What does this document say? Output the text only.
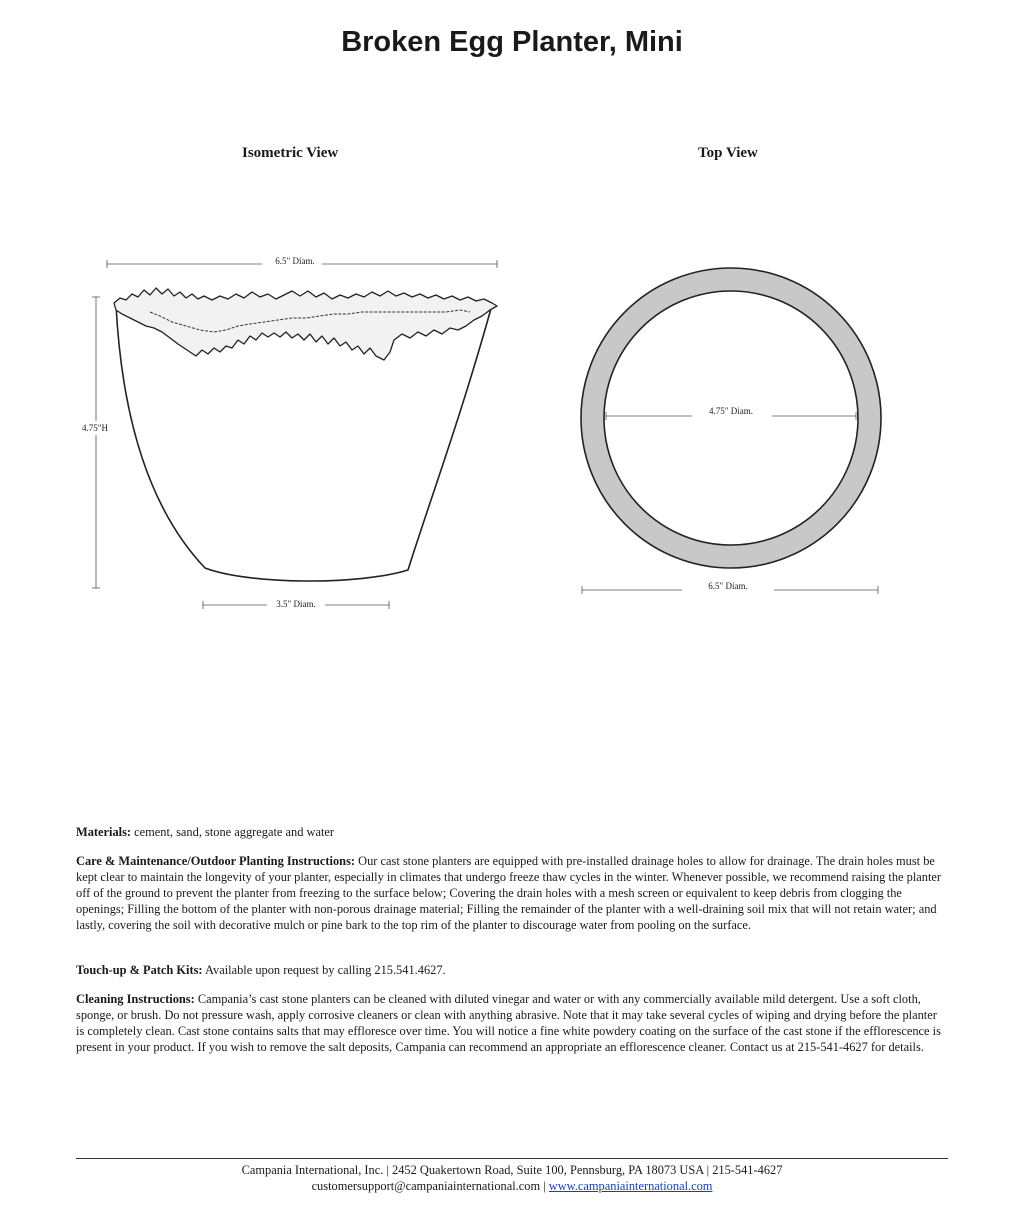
Broken Egg Planter, Mini
Isometric View	Top View
6.5" Diam.
4.75"H
3.5" Diam.
4.75" Diam.
6.5" Diam.
Materials: cement, sand, stone aggregate and water
Care & Maintenance/Outdoor Planting Instructions: Our cast stone planters are equipped with pre-installed drainage holes to allow for drainage. The drain holes must be kept clear to maintain the longevity of your planter, especially in climates that undergo freeze thaw cycles in the winter. Whenever possible, we recommend raising the planter off of the ground to prevent the planter from freezing to the surface below; Covering the drain holes with a mesh screen or equivalent to keep debris from clogging the openings; Filling the bottom of the planter with non-porous drainage material; Filling the remainder of the planter with a well-draining soil mix that will not retain water; and lastly, covering the soil with decorative mulch or pine bark to the top rim of the planter to discourage water from pooling on the surface.
Touch-up & Patch Kits: Available upon request by calling 215.541.4627.
Cleaning Instructions: Campania’s cast stone planters can be cleaned with diluted vinegar and water or with any commercially available mild detergent. Use a soft cloth, sponge, or brush. Do not pressure wash, apply corrosive cleaners or clean with anything abrasive. Note that it may take several cycles of wiping and drying before the planter is completely clean. Cast stone contains salts that may effloresce over time. You will notice a fine white powdery coating on the surface of the cast stone if the efflorescence is present in your product. If you wish to remove the salt deposits, Campania can recommend an appropriate an efflorescence cleaner. Contact us at 215-541-4627 for details.
Campania International, Inc. | 2452 Quakertown Road, Suite 100, Pennsburg, PA 18073 USA | 215-541-4627
customersupport@campaniainternational.com | www.campaniainternational.com
